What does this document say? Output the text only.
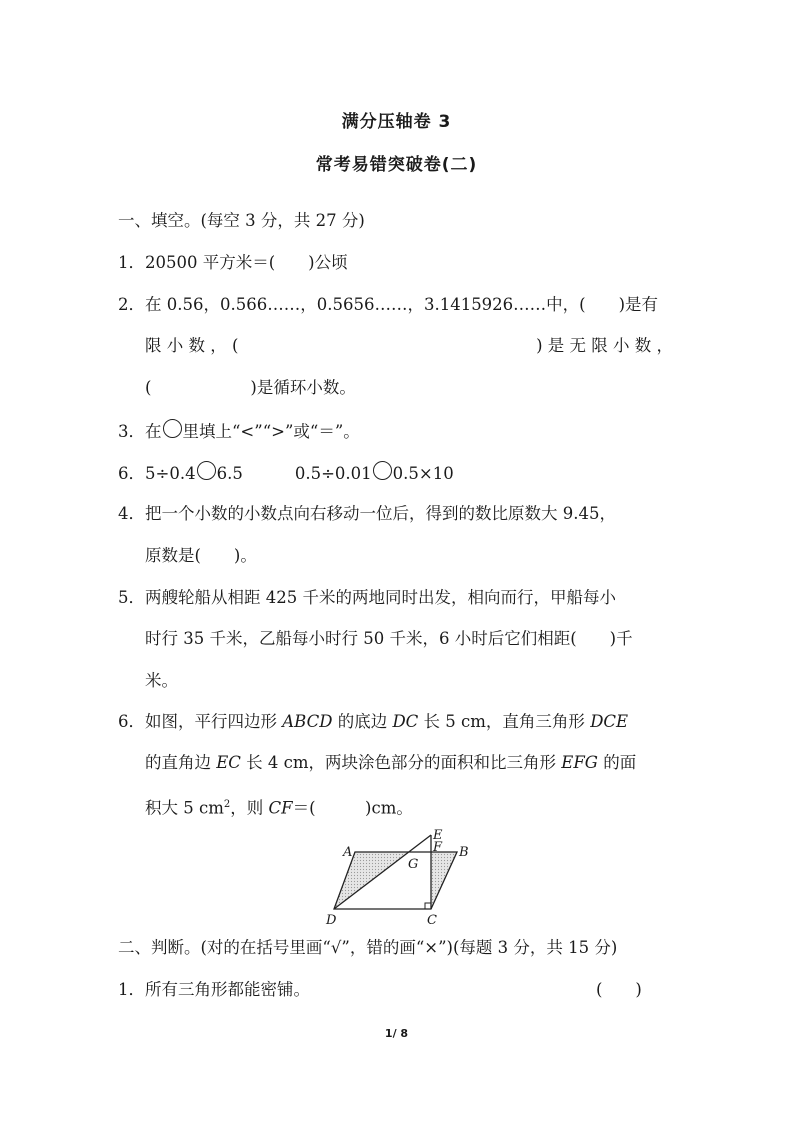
满分压轴卷 3
常考易错突破卷(二)
一、填空。(每空 3 分，共 27 分)
1．20500 平方米＝(　　)公顷
2．在 0.56，0.566……，0.5656……，3.1415926……中，(　　)是有
限 小 数 ， (	) 是 无 限 小 数 ，
(　　　　　　)是循环小数。
3．在 里填上“<”“>”或“＝”。
6．5÷0.4 6.5	0.5÷0.01 0.5×10
4．把一个小数的小数点向右移动一位后，得到的数比原数大 9.45，
原数是(　　)。
5．两艘轮船从相距 425 千米的两地同时出发，相向而行，甲船每小
时行 35 千米，乙船每小时行 50 千米，6 小时后它们相距(　　)千
米。
6．如图，平行四边形 ABCD 的底边 DC 长 5 cm，直角三角形 DCE
的直角边 EC 长 4 cm，两块涂色部分的面积和比三角形 EFG 的面
积大 5 $cm^2$，则 CF＝(　　　)cm。
A	B
C
D
E
F
G
二、判断。(对的在括号里画“√”，错的画“×”)(每题 3 分，共 15 分)
1．所有三角形都能密铺。	(　　)
1/ 8
